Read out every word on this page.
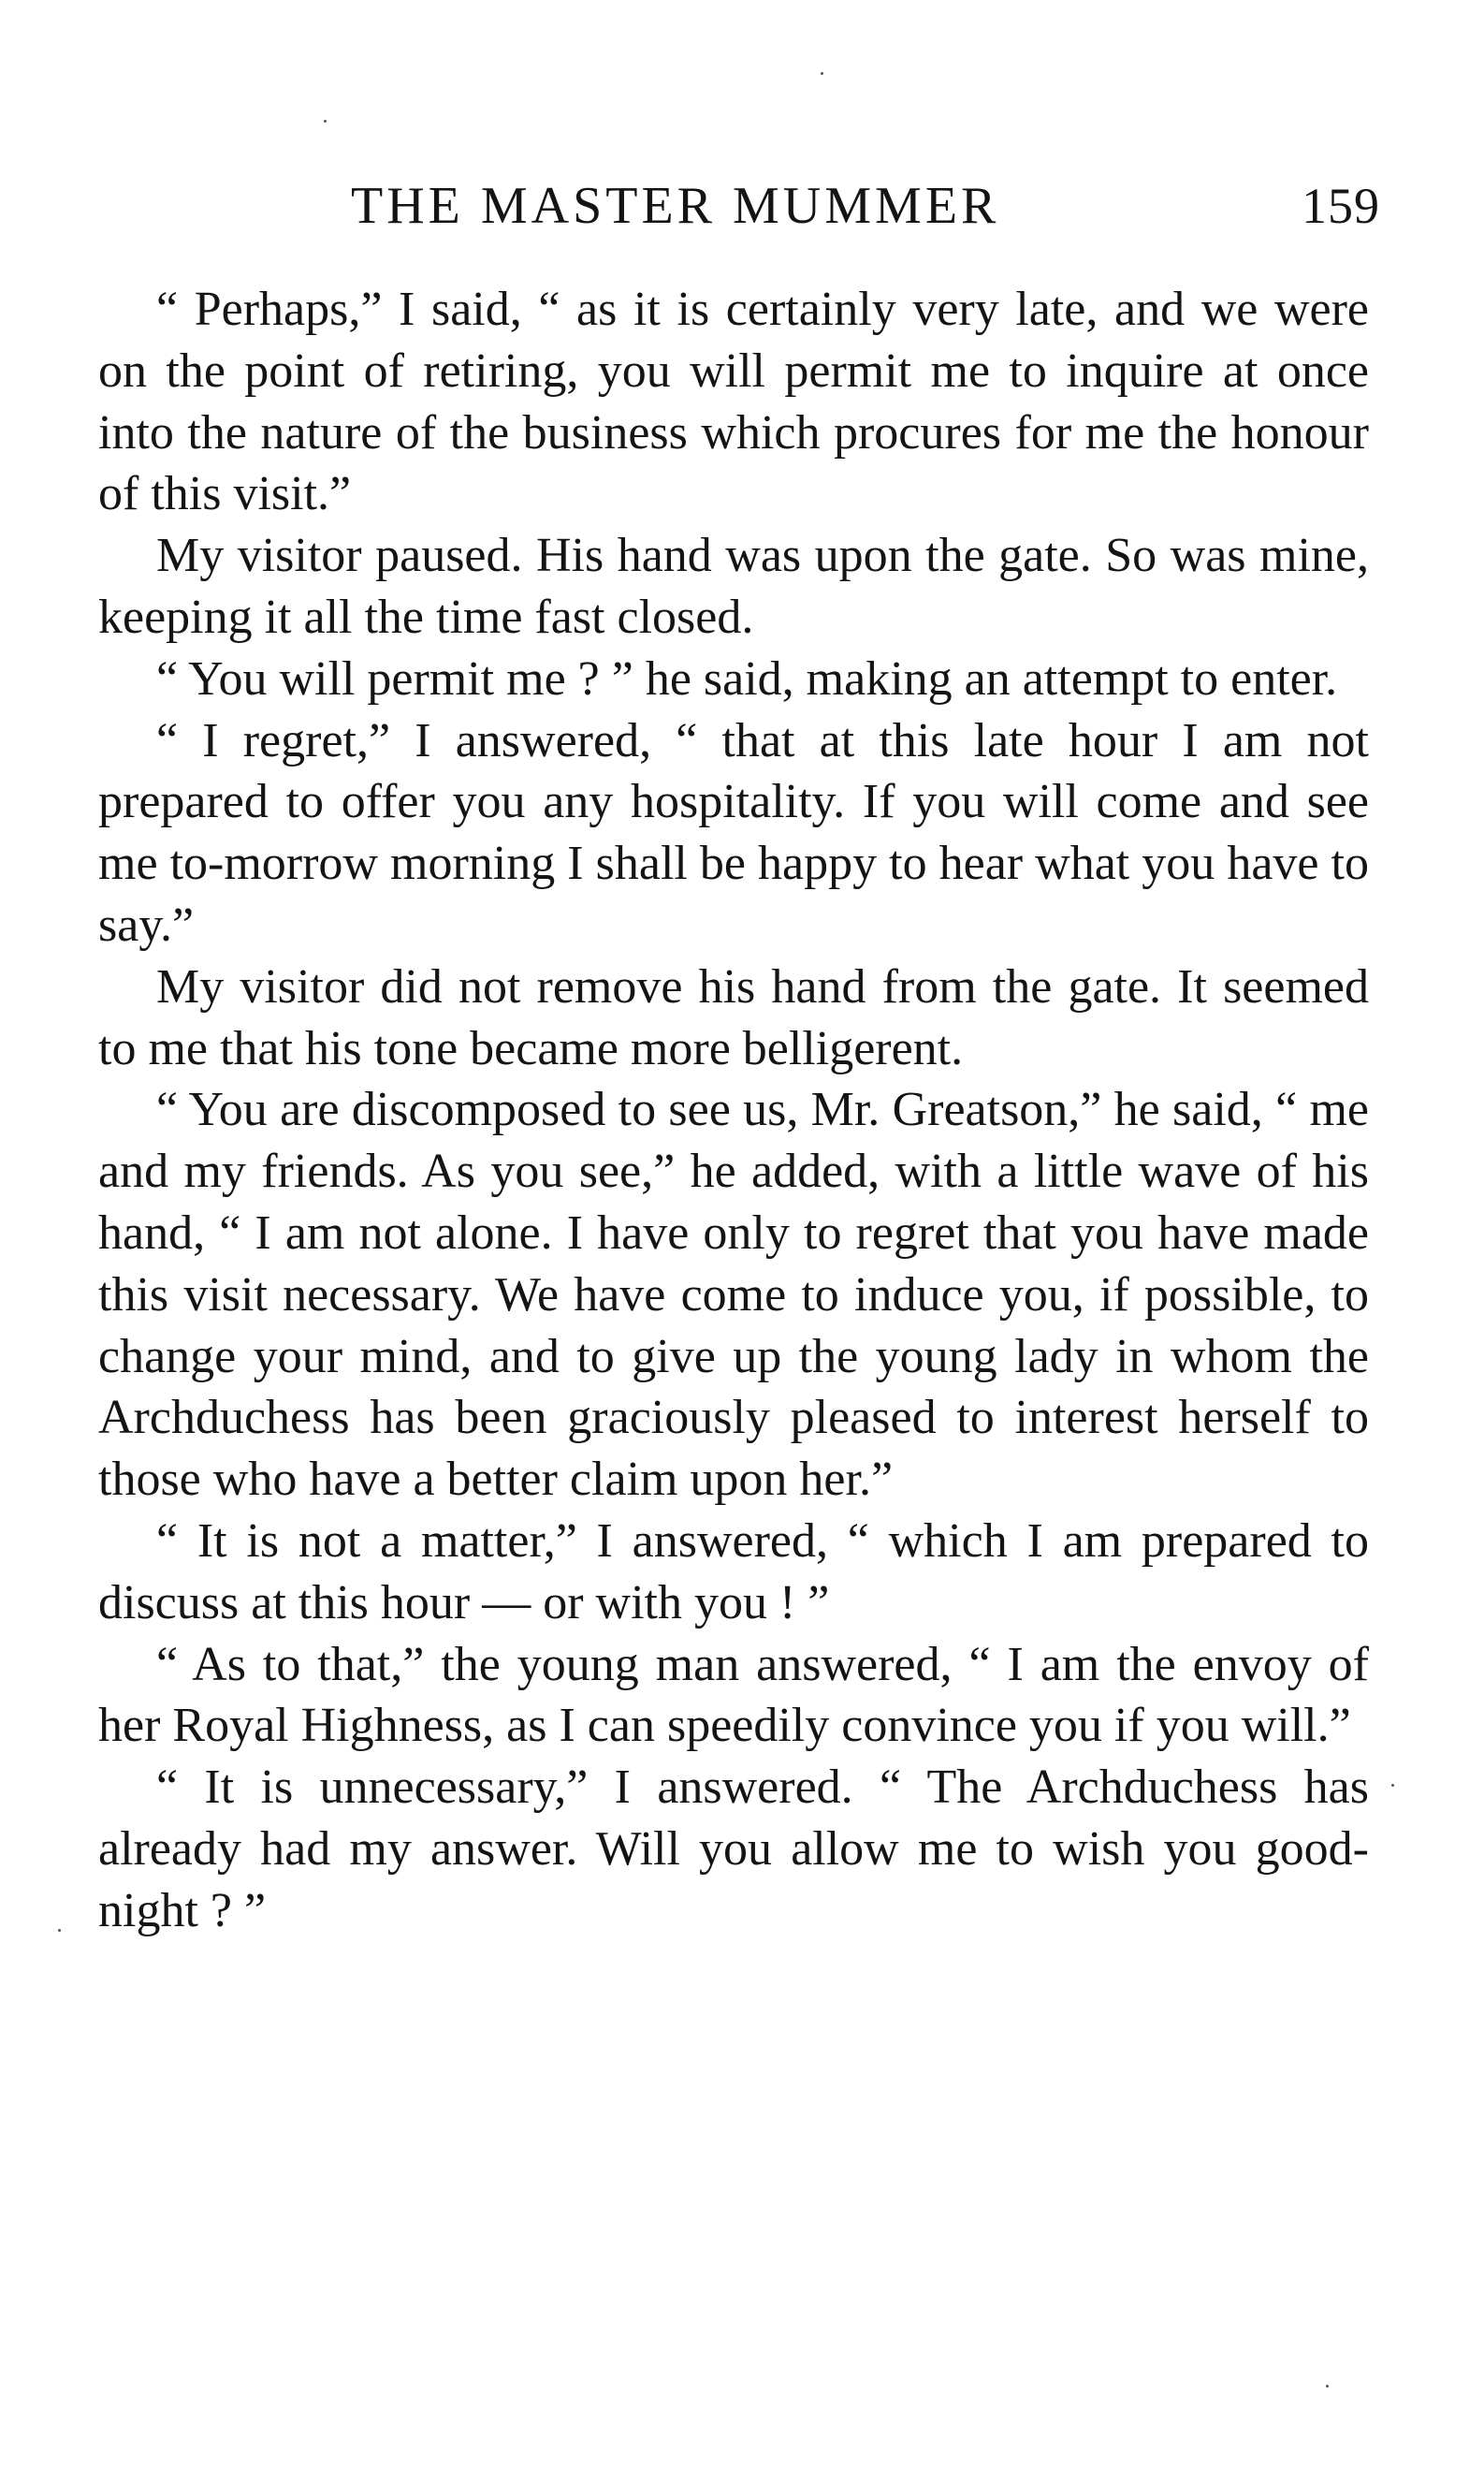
THE MASTER MUMMER	159

“ Perhaps,” I said, “ as it is certainly very late, and we were on the point of retiring, you will permit me to inquire at once into the nature of the business which procures for me the honour of this visit.”

My visitor paused. His hand was upon the gate. So was mine, keeping it all the time fast closed.

“ You will permit me ? ” he said, making an attempt to enter.

“ I regret,” I answered, “ that at this late hour I am not prepared to offer you any hospitality. If you will come and see me to-morrow morning I shall be happy to hear what you have to say.”

My visitor did not remove his hand from the gate. It seemed to me that his tone became more belligerent.

“ You are discomposed to see us, Mr. Greatson,” he said, “ me and my friends. As you see,” he added, with a little wave of his hand, “ I am not alone. I have only to regret that you have made this visit necessary. We have come to induce you, if possible, to change your mind, and to give up the young lady in whom the Archduchess has been graciously pleased to interest herself to those who have a better claim upon her.”

“ It is not a matter,” I answered, “ which I am prepared to discuss at this hour — or with you ! ”

“ As to that,” the young man answered, “ I am the envoy of her Royal Highness, as I can speedily convince you if you will.”

“ It is unnecessary,” I answered. “ The Archduchess has already had my answer. Will you allow me to wish you good-night ? ”
